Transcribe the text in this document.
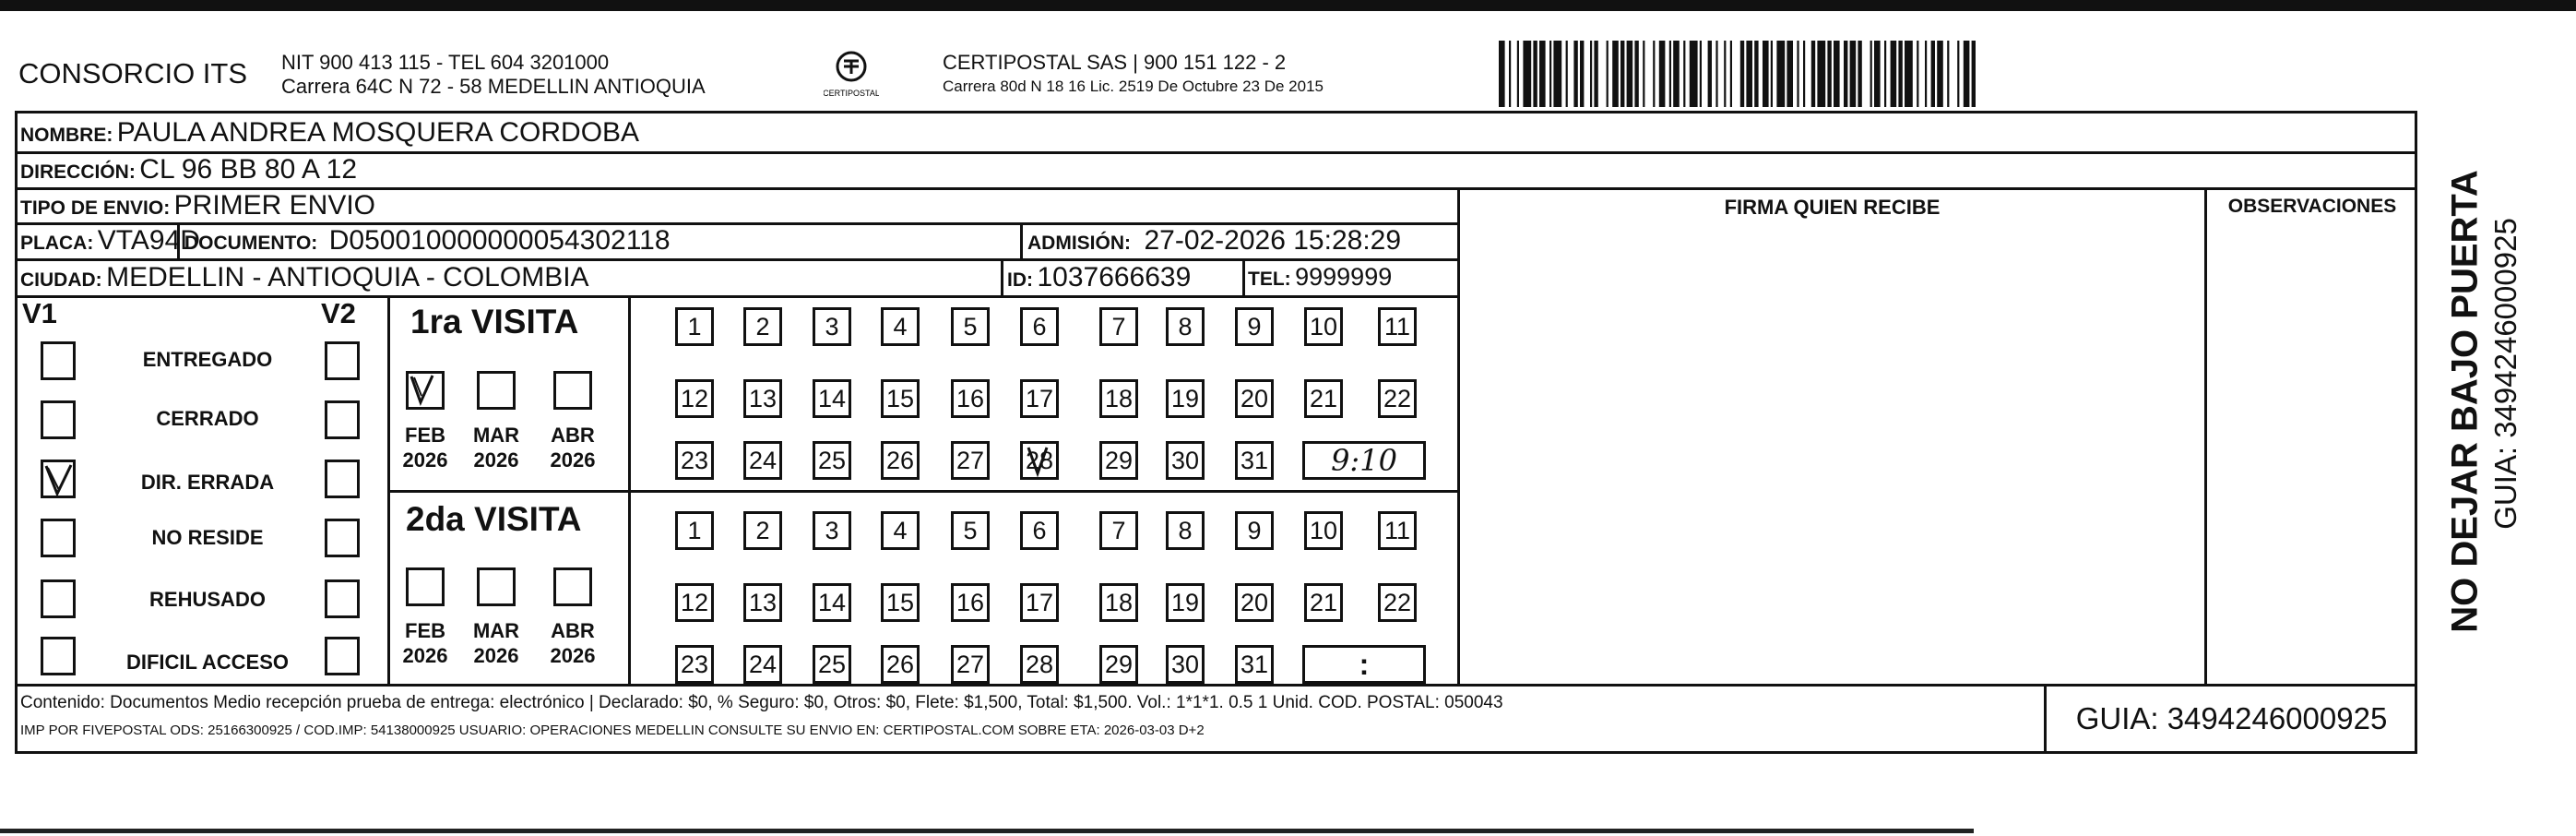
CONSORCIO ITS NIT 900 413 115 - TEL 604 3201000
Carrera 64C N 72 - 58 MEDELLIN ANTIOQUIA	CERTIPOSTAL
CERTIPOSTAL SAS | 900 151 122 - 2
Carrera 80d N 18 16 Lic. 2519 De Octubre 23 De 2015
NOMBRE: PAULA ANDREA MOSQUERA CORDOBA
DIRECCIÓN: CL 96 BB 80 A 12
TIPO DE ENVIO: PRIMER ENVIO	FIRMA QUIEN RECIBE	OBSERVACIONES
PLACA: VTA94D
DOCUMENTO: D050010000000054302118	ADMISIÓN: 27-02-2026 15:28:29
CIUDAD: MEDELLIN - ANTIOQUIA - COLOMBIA	ID: 1037666639	TEL: 9999999
V1	V2
ENTREGADO
CERRADO
DIR. ERRADA
NO RESIDE
REHUSADO
DIFICIL ACCESO
1ra VISITA
FEB
2026
MAR
2026
ABR
2026
1	2	3	4	5	6	7	8	9	10 11
12 13 14 15 16 17 18 19 20 21 22
23 24 25 26 27 28 29 30 31	9:10
2da VISITA
FEB
2026
MAR
2026
ABR
2026
1	2	3	4	5	6	7	8	9	10 11
12 13 14 15 16 17 18 19 20 21 22
23 24 25 26 27 28 29 30 31	:
Contenido: Documentos Medio recepción prueba de entrega: electrónico | Declarado: $0, % Seguro: $0, Otros: $0, Flete: $1,500, Total: $1,500. Vol.: 1*1*1. 0.5 1 Unid. COD. POSTAL: 050043
IMP POR FIVEPOSTAL ODS: 25166300925 / COD.IMP: 54138000925 USUARIO: OPERACIONES MEDELLIN CONSULTE SU ENVIO EN: CERTIPOSTAL.COM SOBRE ETA: 2026-03-03 D+2	GUIA: 3494246000925
NO DEJAR BAJO PUERTA GUIA: 3494246000925
